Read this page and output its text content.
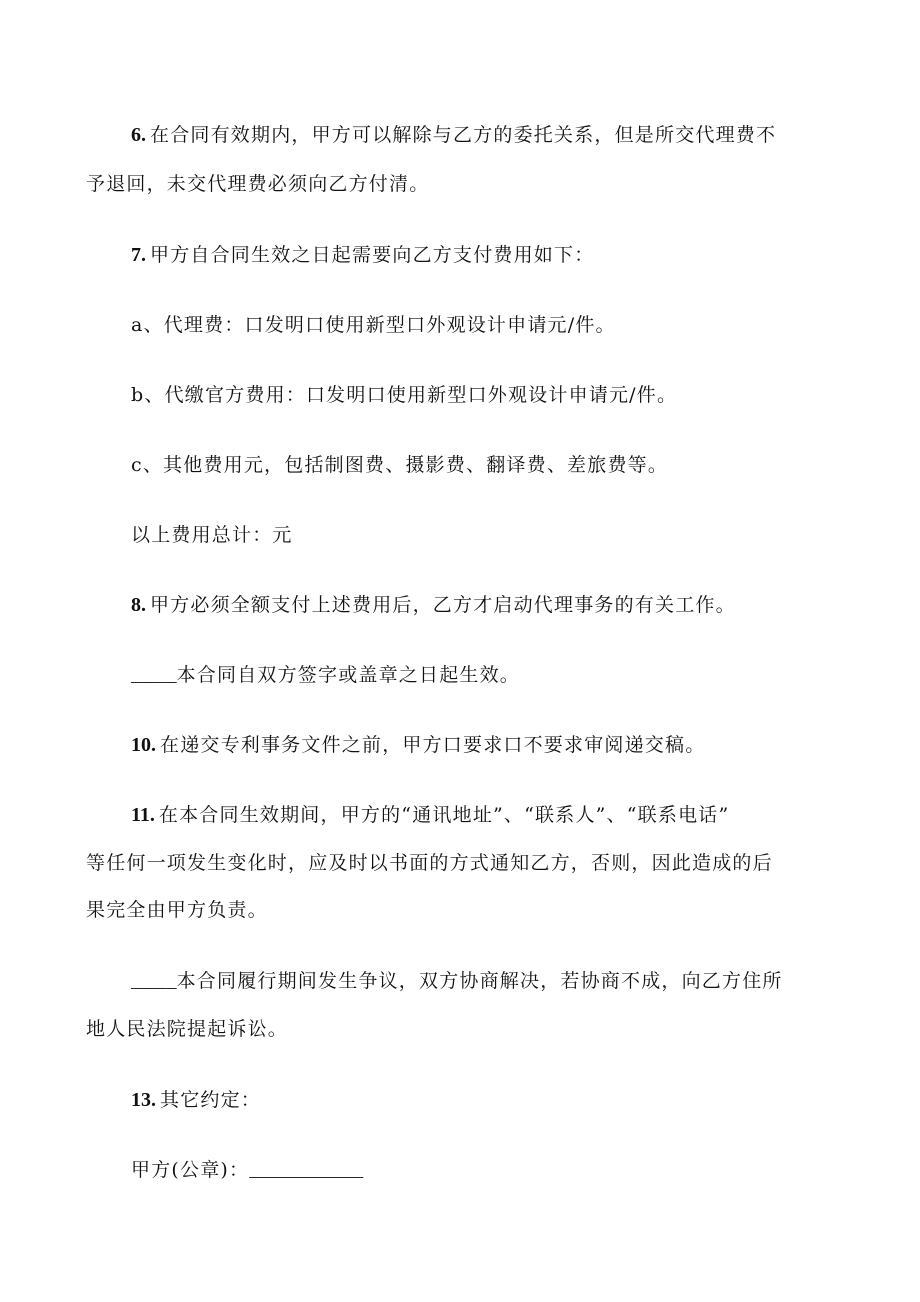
6. 在合同有效期内，甲方可以解除与乙方的委托关系，但是所交代理费不
予退回，未交代理费必须向乙方付清。
7. 甲方自合同生效之日起需要向乙方支付费用如下：
a、代理费：口发明口使用新型口外观设计申请元/件。
b、代缴官方费用：口发明口使用新型口外观设计申请元/件。
c、其他费用元，包括制图费、摄影费、翻译费、差旅费等。
以上费用总计：元
8. 甲方必须全额支付上述费用后，乙方才启动代理事务的有关工作。
____本合同自双方签字或盖章之日起生效。
10. 在递交专利事务文件之前，甲方口要求口不要求审阅递交稿。
11. 在本合同生效期间，甲方的“通讯地址”、“联系人”、“联系电话”
等任何一项发生变化时，应及时以书面的方式通知乙方，否则，因此造成的后
果完全由甲方负责。
____本合同履行期间发生争议，双方协商解决，若协商不成，向乙方住所
地人民法院提起诉讼。
13. 其它约定：
甲方(公章)：__________
